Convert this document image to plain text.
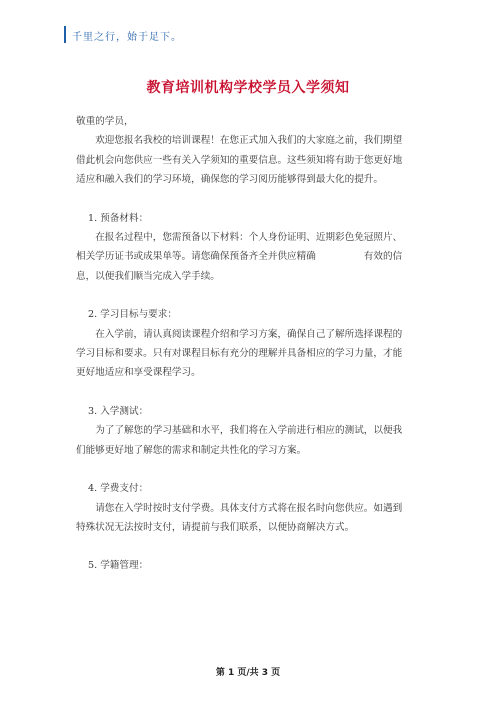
千里之行，始于足下。
教育培训机构学校学员入学须知

敬重的学员，

欢迎您报名我校的培训课程！在您正式加入我们的大家庭之前，我们期望

借此机会向您供应一些有关入学须知的重要信息。这些须知将有助于您更好地

适应和融入我们的学习环境，确保您的学习阅历能够得到最大化的提升。

1. 预备材料：

在报名过程中，您需预备以下材料：个人身份证明、近期彩色免冠照片、

相关学历证书或成果单等。请您确保预备齐全并供应精确　　　　　有效的信

息，以便我们顺当完成入学手续。

2. 学习目标与要求：

在入学前，请认真阅读课程介绍和学习方案，确保自己了解所选择课程的

学习目标和要求。只有对课程目标有充分的理解并具备相应的学习力量，才能

更好地适应和享受课程学习。

3. 入学测试：

为了了解您的学习基础和水平，我们将在入学前进行相应的测试，以便我

们能够更好地了解您的需求和制定共性化的学习方案。

4. 学费支付：

请您在入学时按时支付学费。具体支付方式将在报名时向您供应。如遇到

特殊状况无法按时支付，请提前与我们联系，以便协商解决方式。

5. 学籍管理：

第 1 页/共 3 页
